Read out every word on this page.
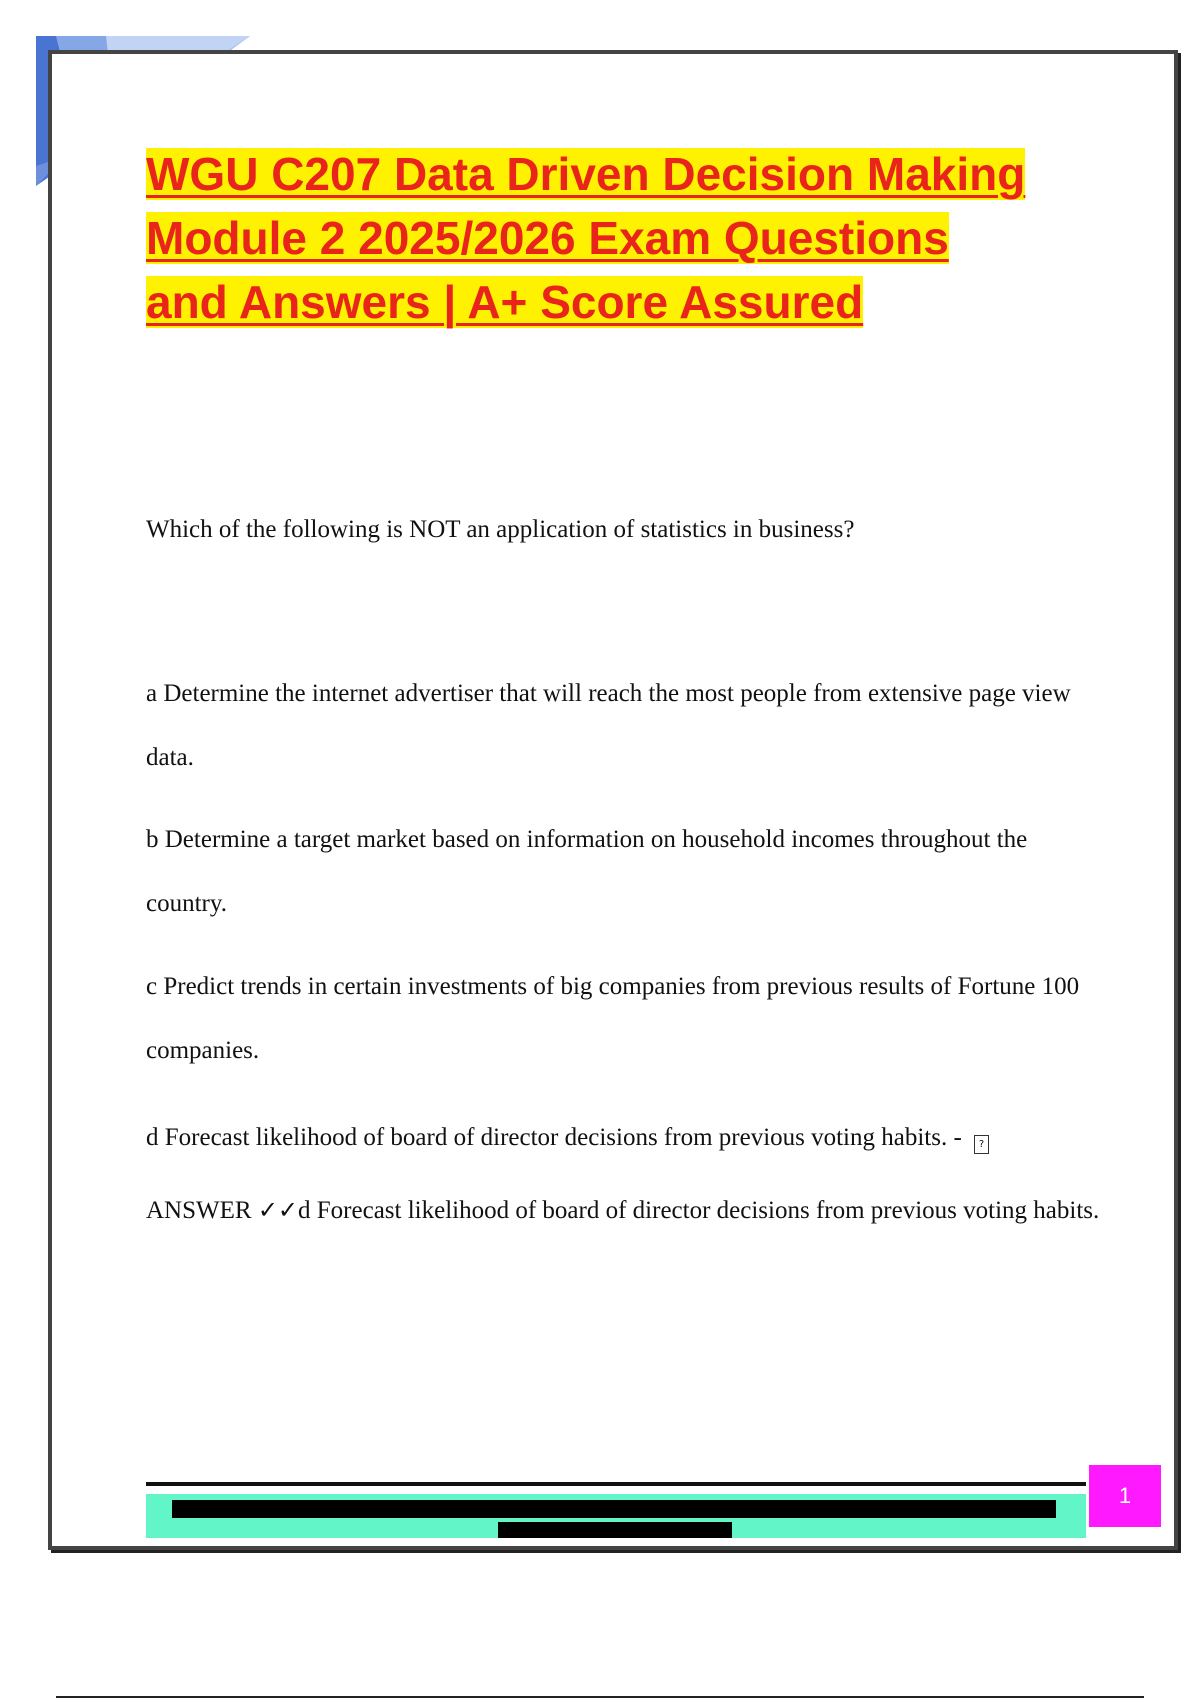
1
WGU C207 Data Driven Decision Making
Module 2 2025/2026 Exam Questions
and Answers | A+ Score Assured

Which of the following is NOT an application of statistics in business?

a Determine the internet advertiser that will reach the most people from extensive page view data.

b Determine a target market based on information on household incomes throughout the country.

c Predict trends in certain investments of big companies from previous results of Fortune 100 companies.

d Forecast likelihood of board of director decisions from previous voting habits. - ?
ANSWER ✓✓d Forecast likelihood of board of director decisions from previous voting habits.

1
